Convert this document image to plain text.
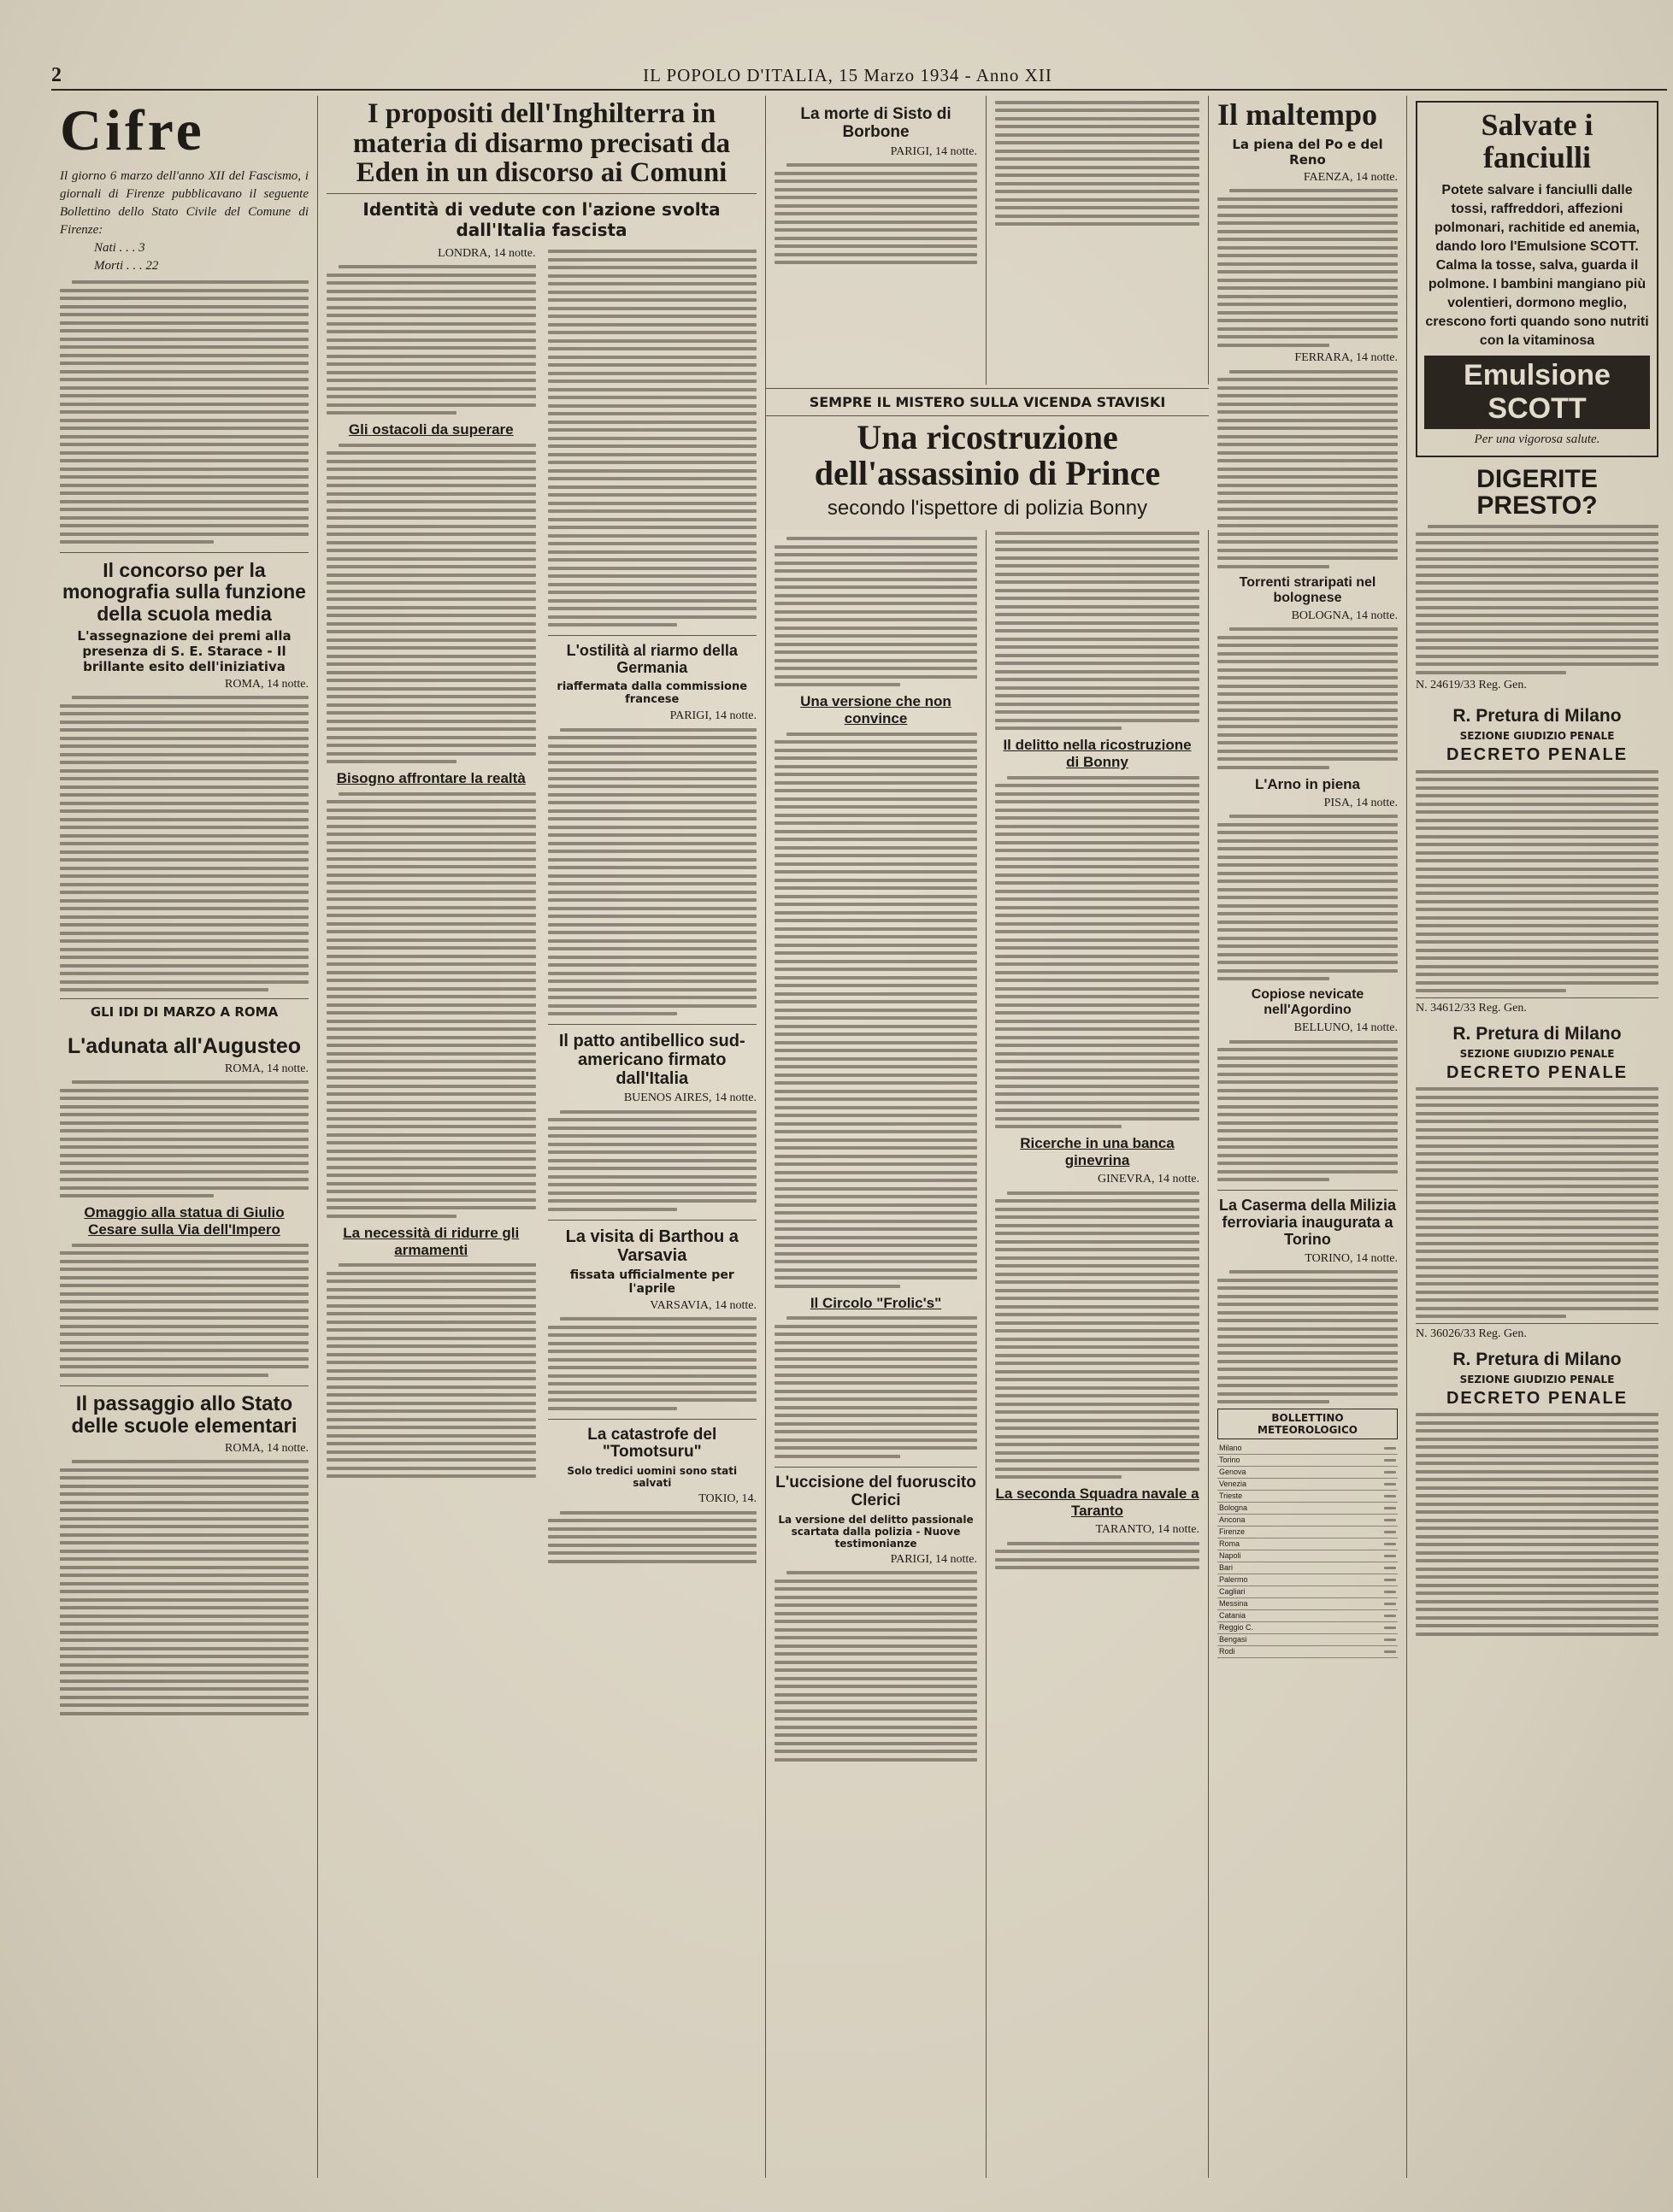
2	IL POPOLO D'ITALIA, 15 Marzo 1934 - Anno XII
Cifre
Il giorno 6 marzo dell'anno XII del Fascismo, i giornali di Firenze pubblicavano il seguente Bollettino dello Stato Civile del Comune di Firenze:
Nati . . . 3
Morti . . . 22
Il concorso per la monografia sulla funzione della scuola media
L'assegnazione dei premi alla presenza di S. E. Starace - Il brillante esito dell'iniziativa
ROMA, 14 notte.
GLI IDI DI MARZO A ROMA
L'adunata all'Augusteo
ROMA, 14 notte.
Omaggio alla statua di Giulio Cesare sulla Via dell'Impero
Il passaggio allo Stato delle scuole elementari
ROMA, 14 notte.
I propositi dell'Inghilterra in materia di disarmo precisati da Eden in un discorso ai Comuni
Identità di vedute con l'azione svolta dall'Italia fascista
LONDRA, 14 notte.
Gli ostacoli da superare
Bisogno affrontare la realtà
La necessità di ridurre gli armamenti
L'ostilità al riarmo della Germania
riaffermata dalla commissione francese
PARIGI, 14 notte.
Il patto antibellico sud-americano firmato dall'Italia
BUENOS AIRES, 14 notte.
La visita di Barthou a Varsavia
fissata ufficialmente per l'aprile
VARSAVIA, 14 notte.
La catastrofe del "Tomotsuru"
Solo tredici uomini sono stati salvati
TOKIO, 14.
La morte di Sisto di Borbone
PARIGI, 14 notte.
Una versione che non convince
Il Circolo "Frolic's"
L'uccisione del fuoruscito Clerici
La versione del delitto passionale scartata dalla polizia - Nuove testimonianze
PARIGI, 14 notte.
Il delitto nella ricostruzione di Bonny
Ricerche in una banca ginevrina
GINEVRA, 14 notte.
La seconda Squadra navale a Taranto
TARANTO, 14 notte.
SEMPRE IL MISTERO SULLA VICENDA STAVISKI
Una ricostruzione dell'assassinio di Prince
secondo l'ispettore di polizia Bonny
Il maltempo
La piena del Po e del Reno
FAENZA, 14 notte.
FERRARA, 14 notte.
Torrenti straripati nel bolognese
BOLOGNA, 14 notte.
L'Arno in piena
PISA, 14 notte.
Copiose nevicate nell'Agordino
BELLUNO, 14 notte.
La Caserma della Milizia ferroviaria inaugurata a Torino
TORINO, 14 notte.
BOLLETTINO METEOROLOGICO
Milano	

Torino	

Genova	

Venezia	

Trieste	

Bologna	

Ancona	

Firenze	

Roma	

Napoli	

Bari	

Palermo	

Cagliari	

Messina	

Catania	

Reggio C.	

Bengasi	

Rodi	
Salvate i fanciulli
Potete salvare i fanciulli dalle tossi, raffreddori, affezioni polmonari, rachitide ed anemia, dando loro l'Emulsione SCOTT. Calma la tosse, salva, guarda il polmone. I bambini mangiano più volentieri, dormono meglio, crescono forti quando sono nutriti con la vitaminosa
Emulsione SCOTT
Per una vigorosa salute.
DIGERITE PRESTO?
N. 24619/33 Reg. Gen.
R. Pretura di Milano
SEZIONE GIUDIZIO PENALE
DECRETO PENALE
N. 34612/33 Reg. Gen.
R. Pretura di Milano
SEZIONE GIUDIZIO PENALE
DECRETO PENALE
N. 36026/33 Reg. Gen.
R. Pretura di Milano
SEZIONE GIUDIZIO PENALE
DECRETO PENALE
